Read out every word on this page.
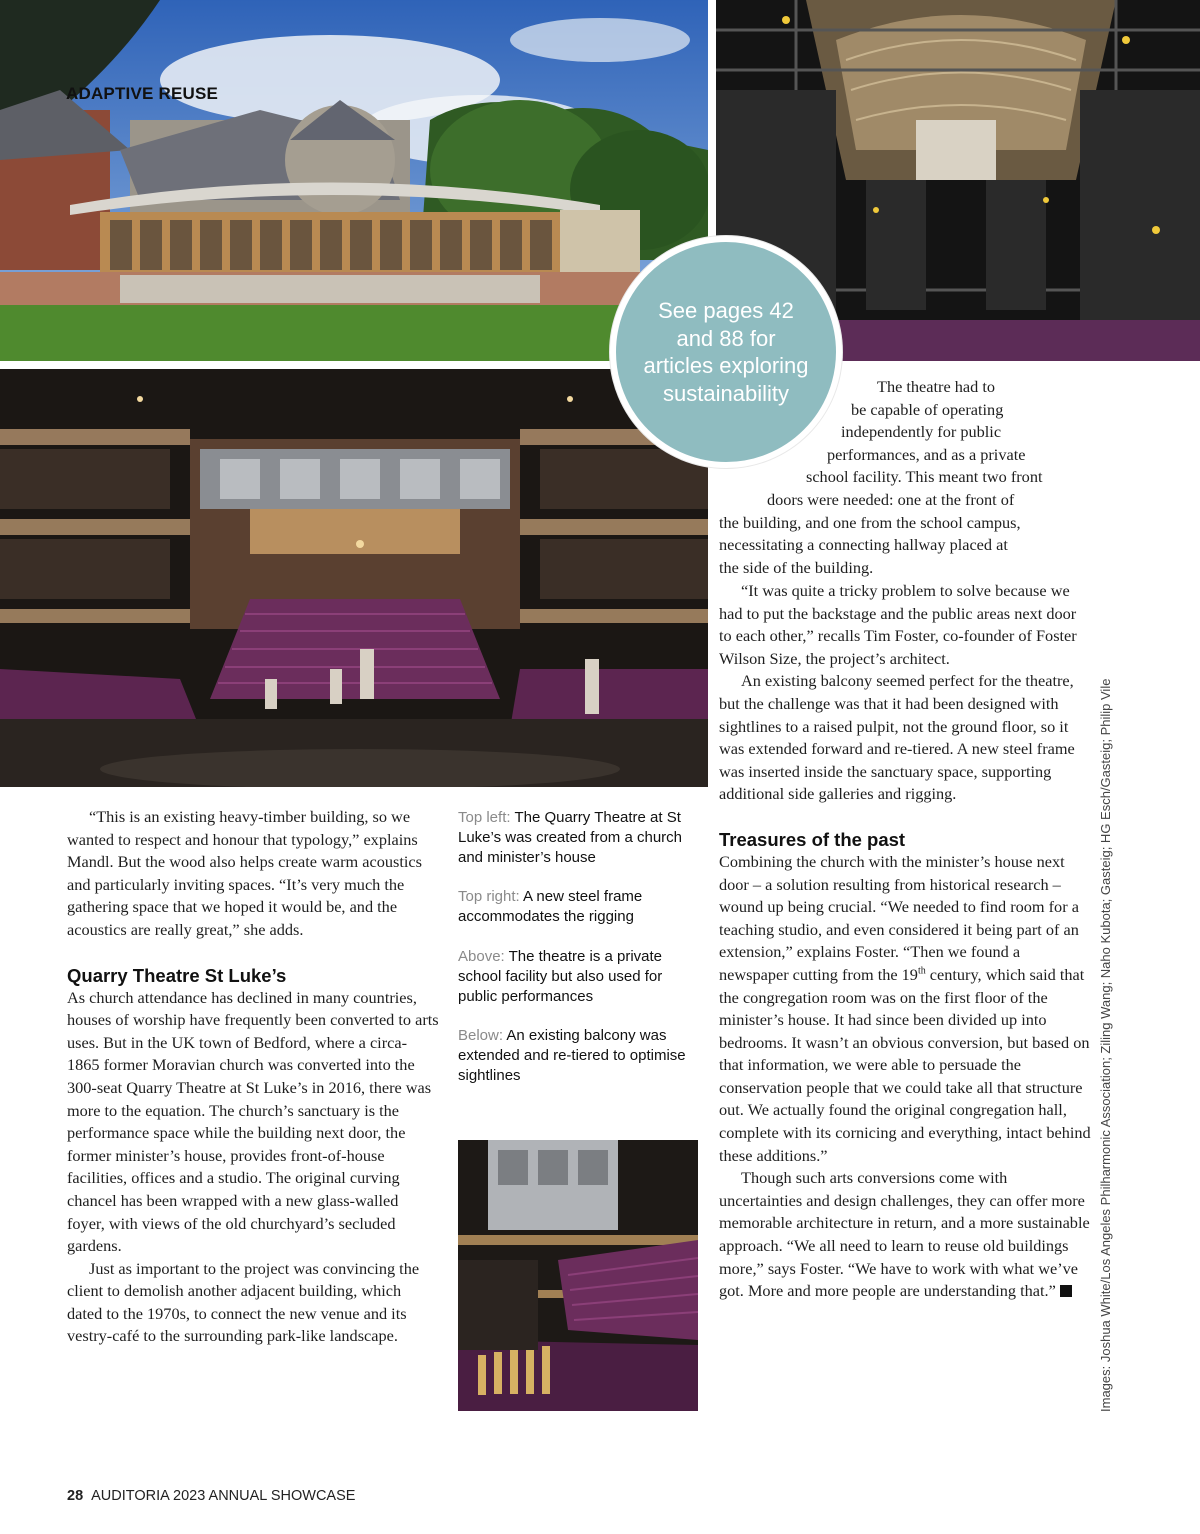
ADAPTIVE REUSE

See pages 42 and 88 for articles exploring sustainability	The theatre had to
be capable of operating
independently for public
performances, and as a private
school facility. This meant two front
doors were needed: one at the front of
the building, and one from the school campus,
necessitating a connecting hallway placed at
the side of the building.

“It was quite a tricky problem to solve because we had to put the backstage and the public areas next door to each other,” recalls Tim Foster, co-founder of Foster Wilson Size, the project’s architect.

An existing balcony seemed perfect for the theatre, but the challenge was that it had been designed with sightlines to a raised pulpit, not the ground floor, so it was extended forward and re-tiered. A new steel frame was inserted inside the sanctuary space, supporting additional side galleries and rigging.

Treasures of the past

Combining the church with the minister’s house next door – a solution resulting from historical research – wound up being crucial. “We needed to find room for a teaching studio, and even considered it being part of an extension,” explains Foster. “Then we found a newspaper cutting from the 19th century, which said that the congregation room was on the first floor of the minister’s house. It had since been divided up into bedrooms. It wasn’t an obvious conversion, but based on that information, we were able to persuade the conservation people that we could take all that structure out. We actually found the original congregation hall, complete with its cornicing and everything, intact behind these additions.”

Though such arts conversions come with uncertainties and design challenges, they can offer more memorable architecture in return, and a more sustainable approach. “We all need to learn to reuse old buildings more,” says Foster. “We have to work with what we’ve got. More and more people are understanding that.”

“This is an existing heavy-timber building, so we wanted to respect and honour that typology,” explains Mandl. But the wood also helps create warm acoustics and particularly inviting spaces. “It’s very much the gathering space that we hoped it would be, and the acoustics are really great,” she adds.

Quarry Theatre St Luke’s

As church attendance has declined in many countries, houses of worship have frequently been converted to arts uses. But in the UK town of Bedford, where a circa-1865 former Moravian church was converted into the 300-seat Quarry Theatre at St Luke’s in 2016, there was more to the equation. The church’s sanctuary is the performance space while the building next door, the former minister’s house, provides front-of-house facilities, offices and a studio. The original curving chancel has been wrapped with a new glass-walled foyer, with views of the old churchyard’s secluded gardens.

Just as important to the project was convincing the client to demolish another adjacent building, which dated to the 1970s, to connect the new venue and its vestry-café to the surrounding park-like landscape.

Top left: The Quarry Theatre at St Luke’s was created from a church and minister’s house

Top right: A new steel frame accommodates the rigging

Above: The theatre is a private school facility but also used for public performances

Below: An existing balcony was extended and re-tiered to optimise sightlines	Images: Joshua White/Los Angeles Philharmonic Association; Ziling Wang; Naho Kubota; Gasteig; HG Esch/Gasteig; Philip Vile

28 AUDITORIA 2023 ANNUAL SHOWCASE
